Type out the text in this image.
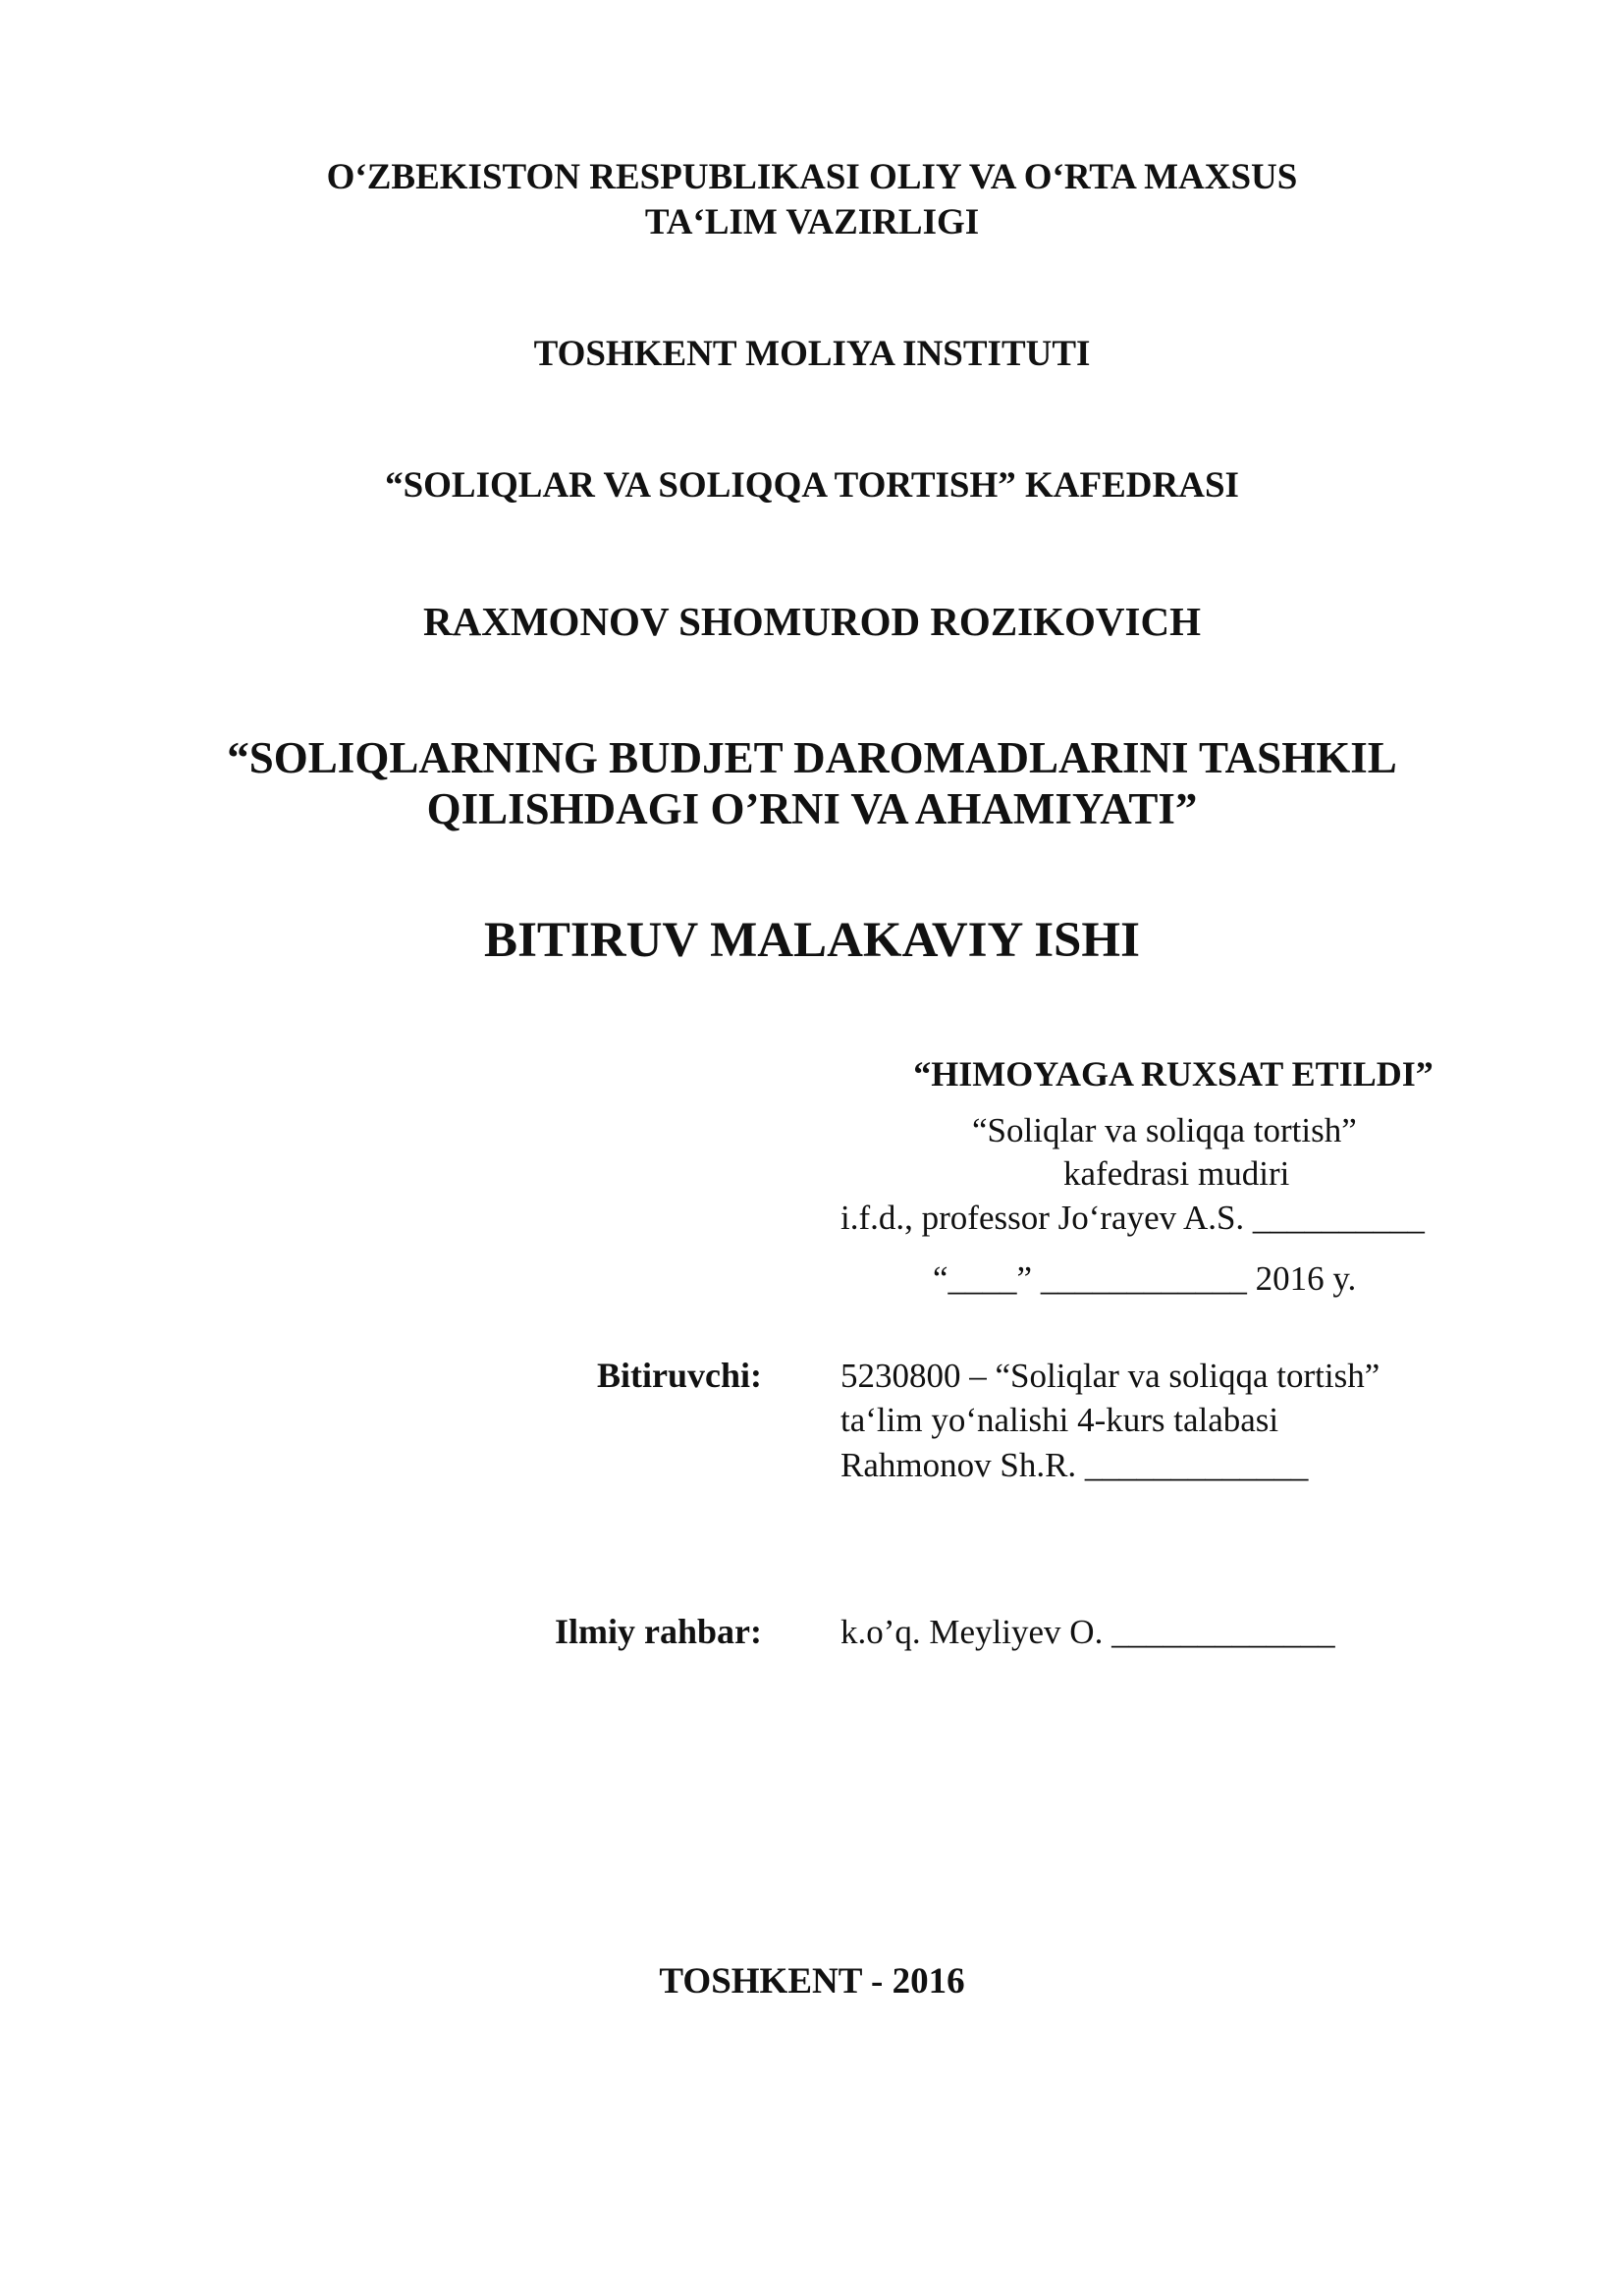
O‘ZBEKISTON RESPUBLIKASI OLIY VA O‘RTA MAXSUS
TA‘LIM VAZIRLIGI
TOSHKENT MOLIYA INSTITUTI
“SOLIQLAR VA SOLIQQA TORTISH” KAFEDRASI
RAXMONOV SHOMUROD ROZIKOVICH
“SOLIQLARNING BUDJET DAROMADLARINI TASHKIL
QILISHDAGI O’RNI VA AHAMIYATI”
BITIRUV MALAKAVIY ISHI
“HIMOYAGA RUXSAT ETILDI”
“Soliqlar va soliqqa tortish”
kafedrasi mudiri
i.f.d., professor Jo‘rayev A.S. __________
“____” ____________ 2016 y.
Bitiruvchi: 5230800 – “Soliqlar va soliqqa tortish”
ta‘lim yo‘nalishi 4-kurs talabasi
Rahmonov Sh.R. _____________
Ilmiy rahbar: k.o’q. Meyliyev O. _____________
TOSHKENT - 2016
